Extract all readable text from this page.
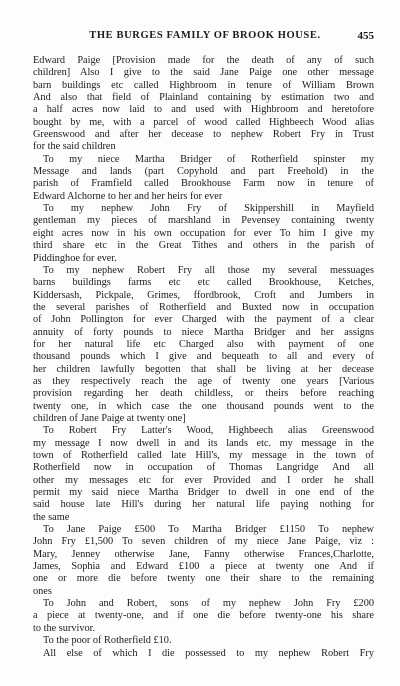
THE BURGES FAMILY OF BROOK HOUSE.	455
Edward Paige [Provision made for the death of any of such
children] Also I give to the said Jane Paige one other message
barn buildings etc called Highbroom in tenure of William Brown
And also that field of Plainland containing by estimation two and
a half acres now laid to and used with Highbroom and heretofore
bought by me, with a parcel of wood called Highbeech Wood alias
Greenswood and after her decease to nephew Robert Fry in Trust
for the said children
To my niece Martha Bridger of Rotherfield spinster my
Message and lands (part Copyhold and part Freehold) in the
parish of Framfield called Brookhouse Farm now in tenure of
Edward Alchorne to her and her heirs for ever
To my nephew John Fry of Skippershill in Mayfield
gentleman my pieces of marshland in Pevensey containing twenty
eight acres now in his own occupation for ever To him I give my
third share etc in the Great Tithes and others in the parish of
Piddinghoe for ever.
To my nephew Robert Fry all those my several messuages
barns buildings farms etc etc called Brookhouse, Ketches,
Kiddersash, Pickpale, Grimes, ffordbrook, Croft and Jumbers in
the several parishes of Rotherfield and Buxted now in occupation
of John Pollington for ever Charged with the payment of a clear
annuity of forty pounds to niece Martha Bridger and her assigns
for her natural life etc Charged also with payment of one
thousand pounds which I give and bequeath to all and every of
her children lawfully begotten that shall be living at her decease
as they respectively reach the age of twenty one years [Various
provision regarding her death childless, or theirs before reaching
twenty one, in which case the one thousand pounds went to the
children of Jane Paige at twenty one]
To Robert Fry Latter's Wood, Highbeech alias Greenswood
my message I now dwell in and its lands etc. my message in the
town of Rotherfield called late Hill's, my message in the town of
Rotherfield now in occupation of Thomas Langridge And all
other my messages etc for ever Provided and I order he shall
permit my said niece Martha Bridger to dwell in one end of the
said house late Hill's during her natural life paying nothing for
the same
To Jane Paige £500 To Martha Bridger £1150 To nephew
John Fry £1,500 To seven children of my niece Jane Paige, viz :
Mary, Jenney otherwise Jane, Fanny otherwise Frances,Charlotte,
James, Sophia and Edward £100 a piece at twenty one And if
one or more die before twenty one their share to the remaining
ones
To John and Robert, sons of my nephew John Fry £200
a piece at twenty-one, and if one die before twenty-one his share
to the survivor.
To the poor of Rotherfield £10.
All else of which I die possessed to my nephew Robert Fry
